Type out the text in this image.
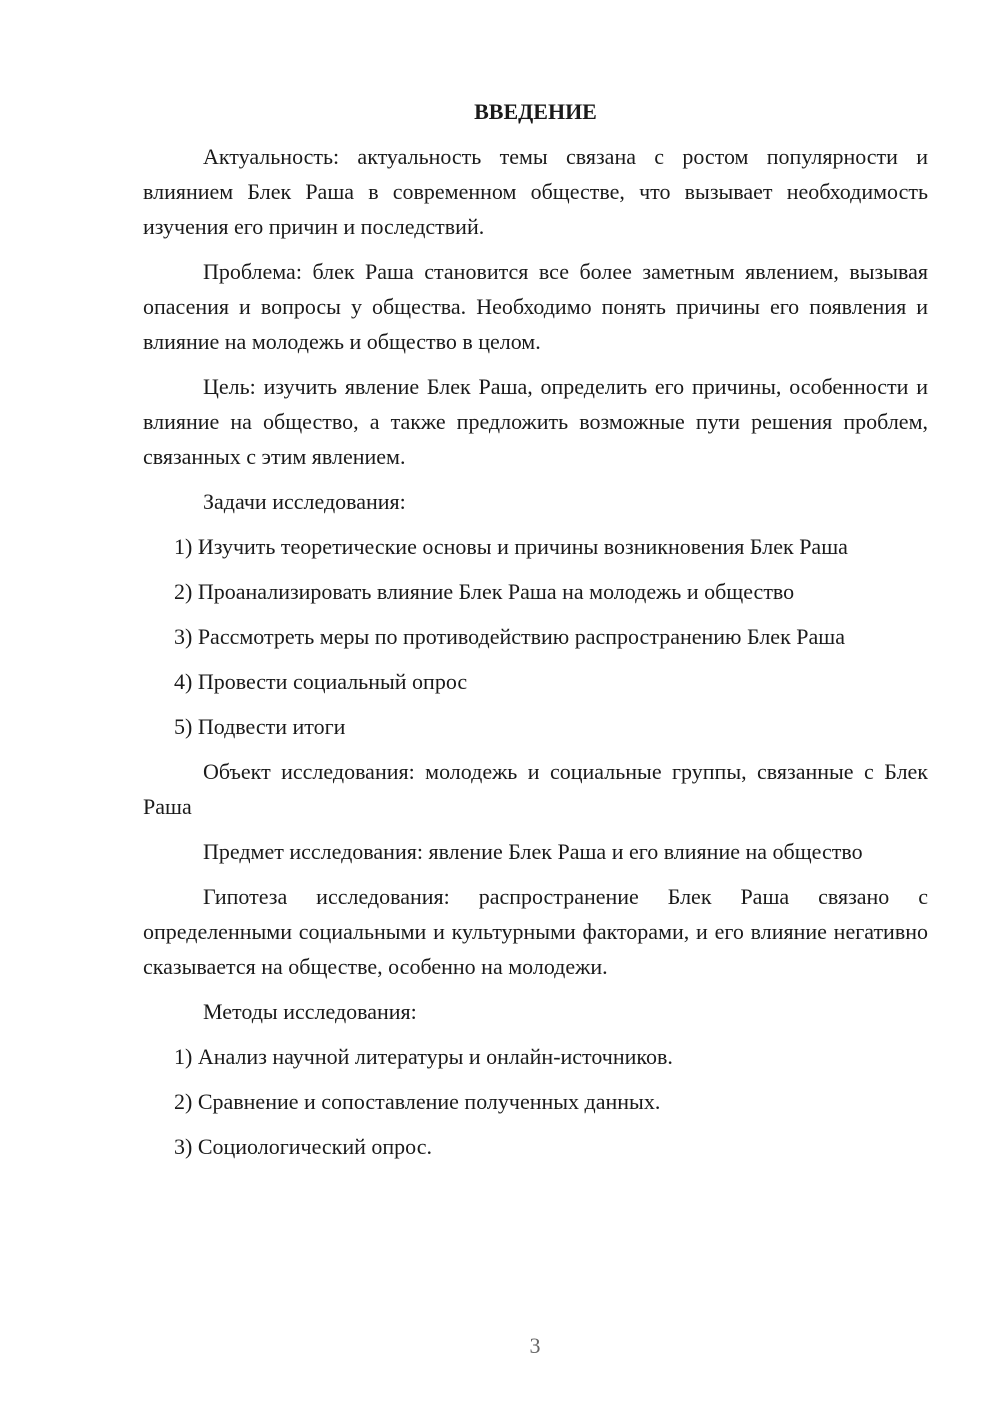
ВВЕДЕНИЕ

Актуальность: актуальность темы связана с ростом популярности и влиянием Блек Раша в современном обществе, что вызывает необходимость изучения его причин и последствий.

Проблема: блек Раша становится все более заметным явлением, вызывая опасения и вопросы у общества. Необходимо понять причины его появления и влияние на молодежь и общество в целом.

Цель: изучить явление Блек Раша, определить его причины, особенности и влияние на общество, а также предложить возможные пути решения проблем, связанных с этим явлением.

Задачи исследования:

1) Изучить теоретические основы и причины возникновения Блек Раша

2) Проанализировать влияние Блек Раша на молодежь и общество

3) Рассмотреть меры по противодействию распространению Блек Раша

4) Провести социальный опрос

5) Подвести итоги

Объект исследования: молодежь и социальные группы, связанные с Блек Раша

Предмет исследования: явление Блек Раша и его влияние на общество

Гипотеза исследования: распространение Блек Раша связано с определенными социальными и культурными факторами, и его влияние негативно сказывается на обществе, особенно на молодежи.

Методы исследования:

1) Анализ научной литературы и онлайн-источников.

2) Сравнение и сопоставление полученных данных.

3) Социологический опрос.

3
